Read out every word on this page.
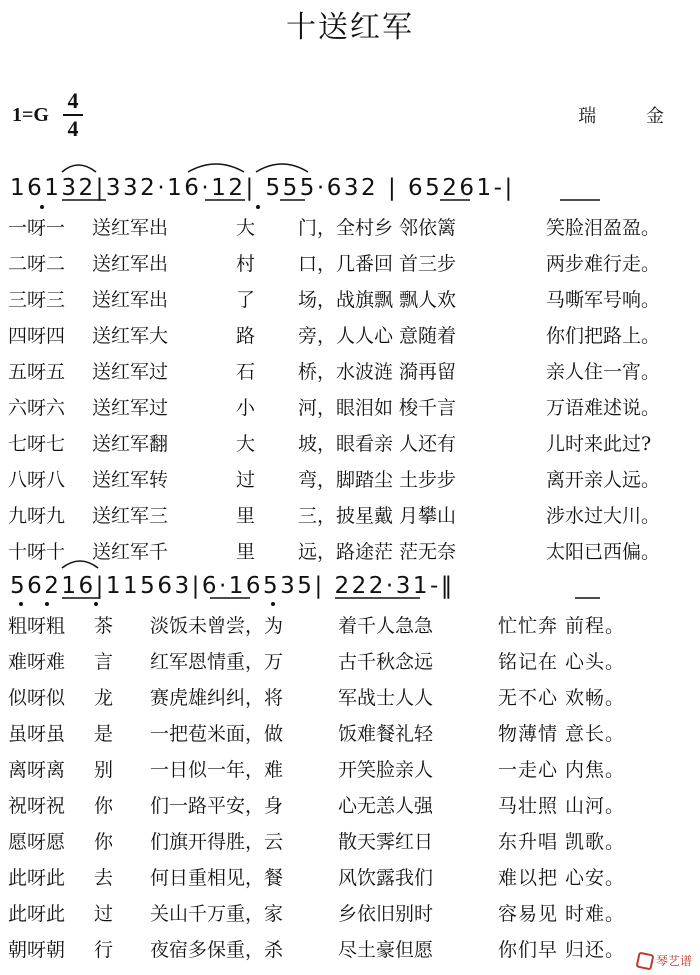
十送红军
1=G
4
4	瑞 金
16132|332·16·12| 555·632 | 65261-|
一呀一	送红军出	大	门，全村乡 邻依篱	笑脸泪盈盈。
二呀二	送红军出	村	口，几番回 首三步	两步难行走。
三呀三	送红军出	了	场，战旗飘 飘人欢	马嘶军号响。
四呀四	送红军大	路	旁，人人心 意随着	你们把路上。
五呀五	送红军过	石	桥，水波涟 漪再留	亲人住一宵。
六呀六	送红军过	小	河，眼泪如 梭千言	万语难述说。
七呀七	送红军翻	大	坡，眼看亲 人还有	儿时来此过?
八呀八	送红军转	过	弯，脚踏尘 土步步	离开亲人远。
九呀九	送红军三	里	三，披星戴 月攀山	涉水过大川。
十呀十	送红军千	里	远，路途茫 茫无奈	太阳已西偏。
56216|11563|6·16535| 222·31-‖
粗呀粗	茶	淡饭未曾尝，为	着千人急急	忙忙奔 前程。
难呀难	言	红军恩情重，万	古千秋念远	铭记在 心头。
似呀似	龙	赛虎雄纠纠，将	军战士人人	无不心 欢畅。
虽呀虽	是	一把苞米面，做	饭难餐礼轻	物薄情 意长。
离呀离	别	一日似一年，难	开笑脸亲人	一走心 内焦。
祝呀祝	你	们一路平安，身	心无恙人强	马壮照 山河。
愿呀愿	你	们旗开得胜，云	散天霁红日	东升唱 凯歌。
此呀此	去	何日重相见，餐	风饮露我们	难以把 心安。
此呀此	过	关山千万重，家	乡依旧别时	容易见 时难。
朝呀朝	行	夜宿多保重，杀	尽土豪但愿	你们早 归还。	琴艺谱
